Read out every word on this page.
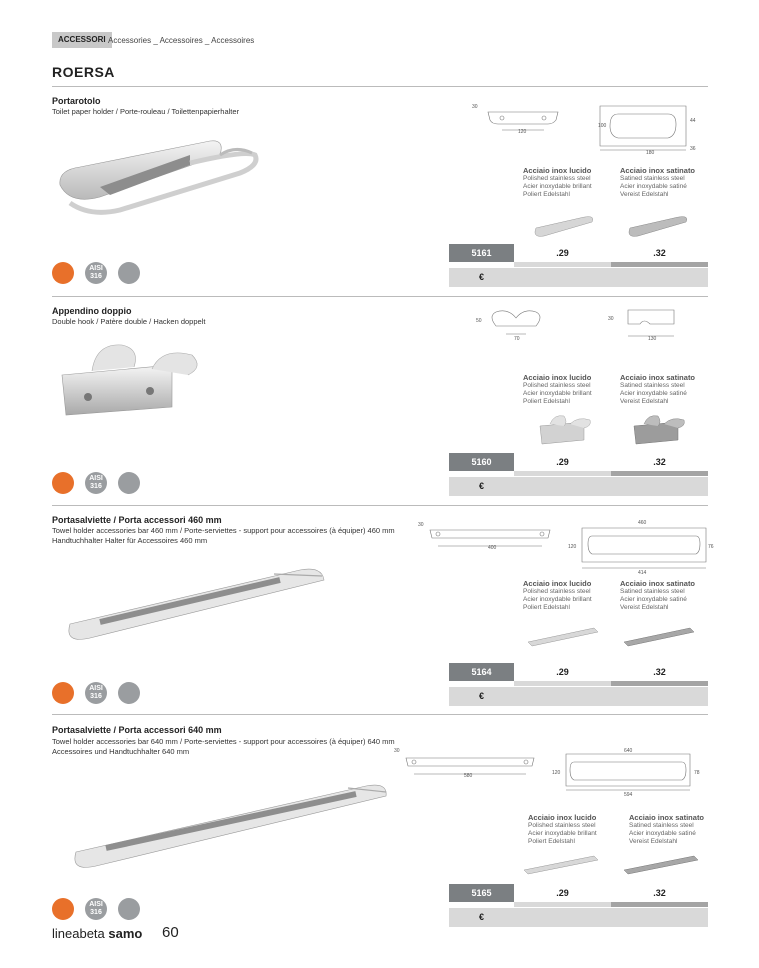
ACCESSORI Accessories _ Accessoires _ Accessoires
ROERSA
Portarotolo
Toilet paper holder / Porte-rouleau / Toilettenpapierhalter	30
120
100
44
180
36
Acciaio inox lucido
Polished stainless steel
Acier inoxydable brillant
Poliert Edelstahl
Acciaio inox satinato
Satined stainless steel
Acier inoxydable satiné
Vereist Edelstahl
5161	.29	.32
€
AISI
316
Appendino doppio
Double hook / Patère double / Hacken doppelt	50
70
30
130
Acciaio inox lucido
Polished stainless steel
Acier inoxydable brillant
Poliert Edelstahl
Acciaio inox satinato
Satined stainless steel
Acier inoxydable satiné
Vereist Edelstahl
5160	.29	.32
€
AISI
316
Portasalviette / Porta accessori 460 mm
Towel holder accessories bar 460 mm / Porte-serviettes - support pour accessoires (à équiper) 460 mm
Handtuchhalter Halter für Accessoires 460 mm
30
400
460
120	76
414
Acciaio inox lucido
Polished stainless steel
Acier inoxydable brillant
Poliert Edelstahl
Acciaio inox satinato
Satined stainless steel
Acier inoxydable satiné
Vereist Edelstahl
5164	.29	.32
€
AISI
316
Portasalviette / Porta accessori 640 mm
Towel holder accessories bar 640 mm / Porte-serviettes - support pour accessoires (à équiper) 640 mm
Accessoires und Handtuchhalter 640 mm	30
580
640
120	78
594
Acciaio inox lucido
Polished stainless steel
Acier inoxydable brillant
Poliert Edelstahl
Acciaio inox satinato
Satined stainless steel
Acier inoxydable satiné
Vereist Edelstahl
5165	.29	.32
€
AISI
316
lineabeta samo 60
